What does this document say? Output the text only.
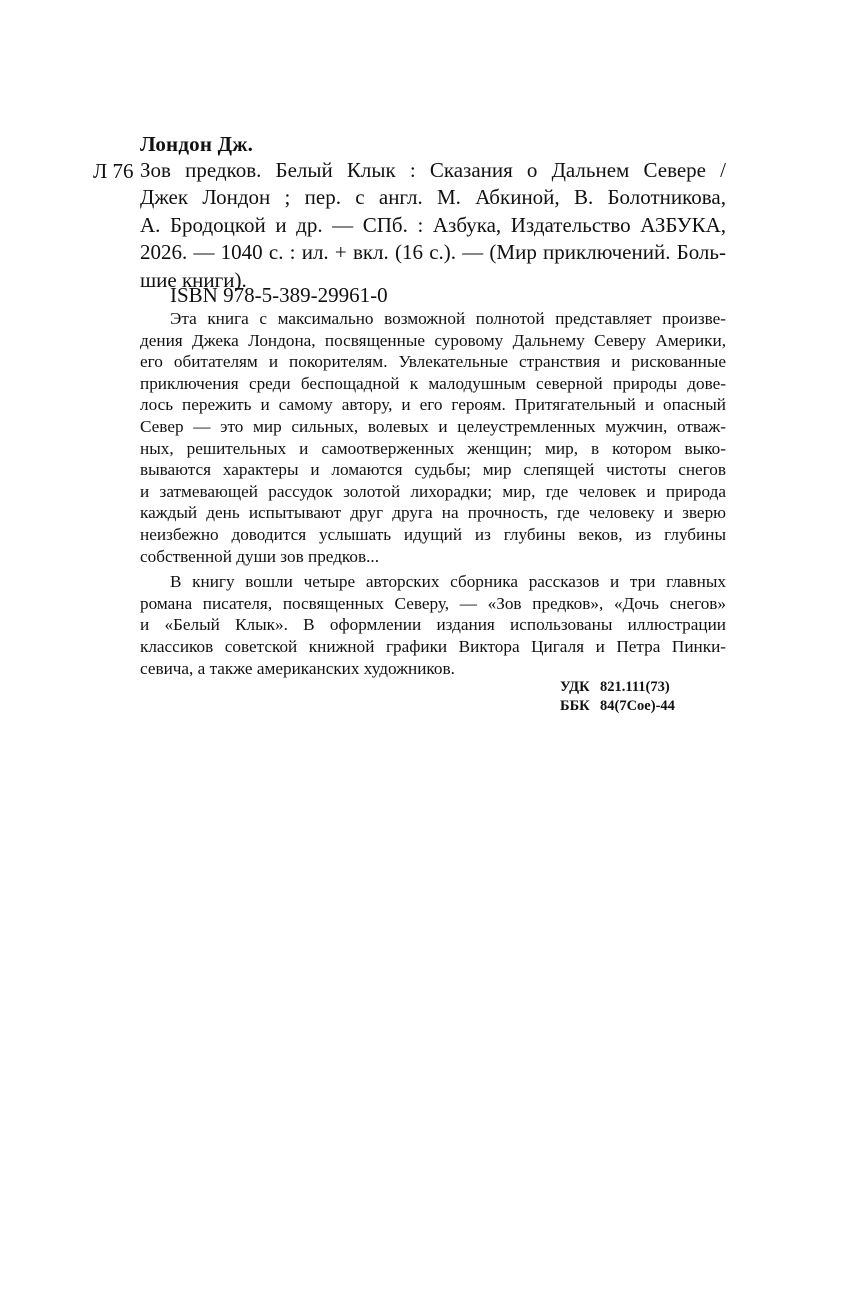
Лондон Дж.
Л 76 Зов предков. Белый Клык : Сказания о Дальнем Севере /
Джек Лондон ; пер. с англ. М. Абкиной, В. Болотникова,
А. Бродоцкой и др. — СПб. : Азбука, Издательство АЗБУКА,
2026. — 1040 с. : ил. + вкл. (16 с.). — (Мир приключений. Боль-
шие книги).
ISBN 978-5-389-29961-0
Эта книга с максимально возможной полнотой представляет произве-
дения Джека Лондона, посвященные суровому Дальнему Северу Америки,
его обитателям и покорителям. Увлекательные странствия и рискованные
приключения среди беспощадной к малодушным северной природы дове-
лось пережить и самому автору, и его героям. Притягательный и опасный
Север — это мир сильных, волевых и целеустремленных мужчин, отваж-
ных, решительных и самоотверженных женщин; мир, в котором выко-
вываются характеры и ломаются судьбы; мир слепящей чистоты снегов
и затмевающей рассудок золотой лихорадки; мир, где человек и природа
каждый день испытывают друг друга на прочность, где человеку и зверю
неизбежно доводится услышать идущий из глубины веков, из глубины
собственной души зов предков...
В книгу вошли четыре авторских сборника рассказов и три главных
романа писателя, посвященных Северу, — «Зов предков», «Дочь снегов»
и «Белый Клык». В оформлении издания использованы иллюстрации
классиков советской книжной графики Виктора Цигаля и Петра Пинки-
севича, а также американских художников.
УДК 821.111(73)
ББК 84(7Сое)-44
